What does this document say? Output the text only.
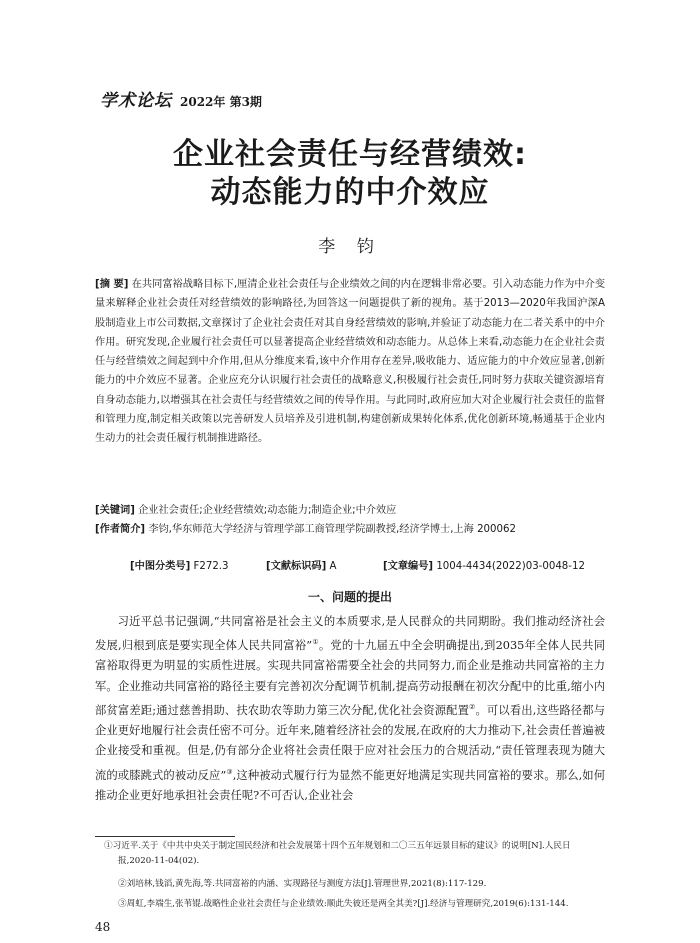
学术论坛 2022年 第3期
企业社会责任与经营绩效:
动态能力的中介效应
李 钧
[摘 要] 在共同富裕战略目标下,厘清企业社会责任与企业绩效之间的内在逻辑非常必要。引入动态能力作为中介变量来解释企业社会责任对经营绩效的影响路径,为回答这一问题提供了新的视角。基于2013—2020年我国沪深A股制造业上市公司数据,文章探讨了企业社会责任对其自身经营绩效的影响,并验证了动态能力在二者关系中的中介作用。研究发现,企业履行社会责任可以显著提高企业经营绩效和动态能力。从总体上来看,动态能力在企业社会责任与经营绩效之间起到中介作用,但从分维度来看,该中介作用存在差异,吸收能力、适应能力的中介效应显著,创新能力的中介效应不显著。企业应充分认识履行社会责任的战略意义,积极履行社会责任,同时努力获取关键资源培育自身动态能力,以增强其在社会责任与经营绩效之间的传导作用。与此同时,政府应加大对企业履行社会责任的监督和管理力度,制定相关政策以完善研发人员培养及引进机制,构建创新成果转化体系,优化创新环境,畅通基于企业内生动力的社会责任履行机制推进路径。
[关键词] 企业社会责任;企业经营绩效;动态能力;制造企业;中介效应
[作者简介] 李钧,华东师范大学经济与管理学部工商管理学院副教授,经济学博士,上海 200062
[中图分类号] F272.3	[文献标识码] A	[文章编号] 1004-4434(2022)03-0048-12
一、问题的提出

习近平总书记强调,“共同富裕是社会主义的本质要求,是人民群众的共同期盼。我们推动经济社会发展,归根到底是要实现全体人民共同富裕”①。党的十九届五中全会明确提出,到2035年全体人民共同富裕取得更为明显的实质性进展。实现共同富裕需要全社会的共同努力,而企业是推动共同富裕的主力军。企业推动共同富裕的路径主要有完善初次分配调节机制,提高劳动报酬在初次分配中的比重,缩小内部贫富差距;通过慈善捐助、扶农助农等助力第三次分配,优化社会资源配置②。可以看出,这些路径都与企业更好地履行社会责任密不可分。近年来,随着经济社会的发展,在政府的大力推动下,社会责任普遍被企业接受和重视。但是,仍有部分企业将社会责任限于应对社会压力的合规活动,“责任管理表现为随大流的或膝跳式的被动反应”③,这种被动式履行行为显然不能更好地满足实现共同富裕的要求。那么,如何推动企业更好地承担社会责任呢?不可否认,企业社会

①习近平.关于《中共中央关于制定国民经济和社会发展第十四个五年规划和二〇三五年远景目标的建议》的说明[N].人民日报,2020-11-04(02).
②刘培林,钱滔,黄先海,等.共同富裕的内涵、实现路径与测度方法[J].管理世界,2021(8):117-129.
③周虹,李端生,张苇锟.战略性企业社会责任与企业绩效:顺此失彼还是两全其美?[J].经济与管理研究,2019(6):131-144.
48
